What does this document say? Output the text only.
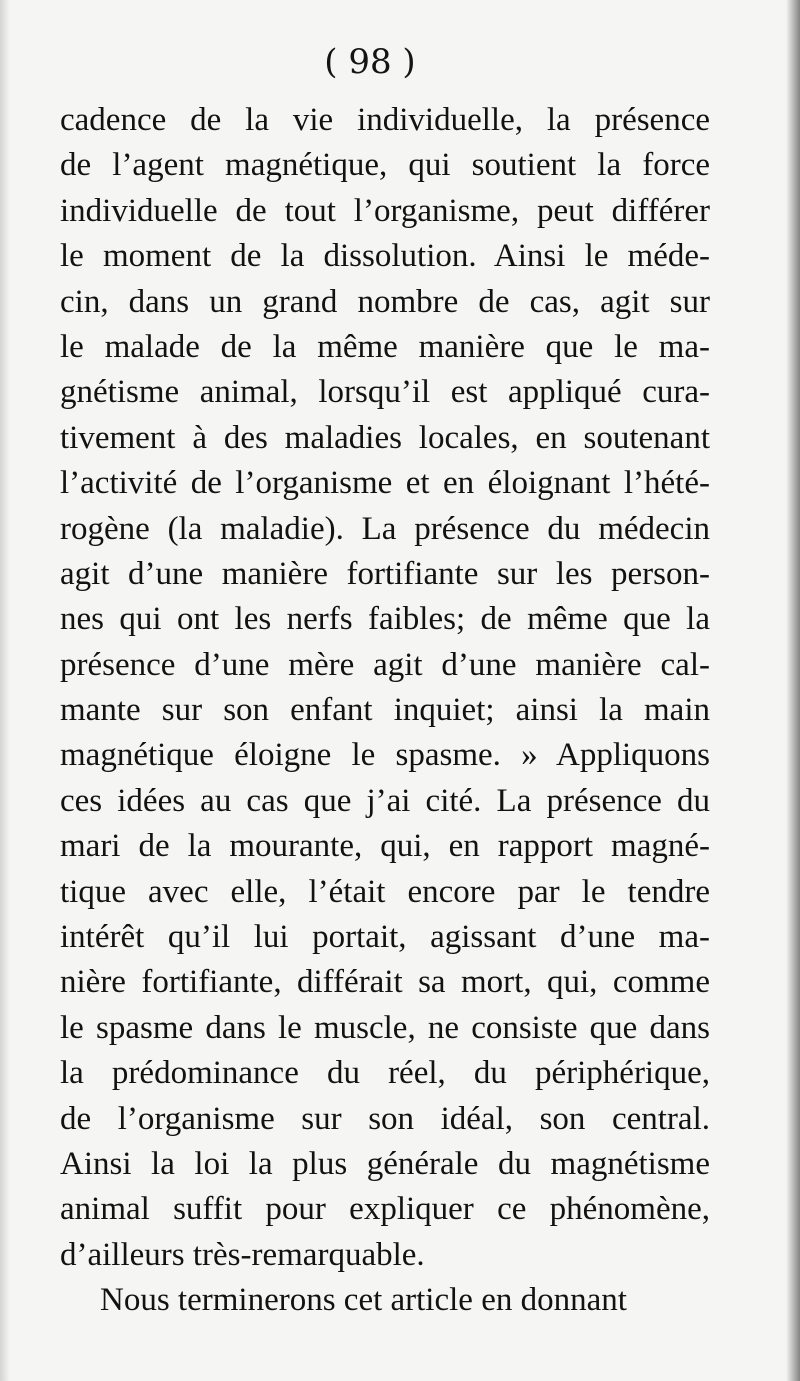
( 98 )
cadence de la vie individuelle, la présence
de l’agent magnétique, qui soutient la force
individuelle de tout l’organisme, peut différer
le moment de la dissolution. Ainsi le méde-
cin, dans un grand nombre de cas, agit sur
le malade de la même manière que le ma-
gnétisme animal, lorsqu’il est appliqué cura-
tivement à des maladies locales, en soutenant
l’activité de l’organisme et en éloignant l’hété-
rogène (la maladie). La présence du médecin
agit d’une manière fortifiante sur les person-
nes qui ont les nerfs faibles; de même que la
présence d’une mère agit d’une manière cal-
mante sur son enfant inquiet; ainsi la main
magnétique éloigne le spasme. » Appliquons
ces idées au cas que j’ai cité. La présence du
mari de la mourante, qui, en rapport magné-
tique avec elle, l’était encore par le tendre
intérêt qu’il lui portait, agissant d’une ma-
nière fortifiante, différait sa mort, qui, comme
le spasme dans le muscle, ne consiste que dans
la prédominance du réel, du périphérique,
de l’organisme sur son idéal, son central.
Ainsi la loi la plus générale du magnétisme
animal suffit pour expliquer ce phénomène,
d’ailleurs très-remarquable.
Nous terminerons cet article en donnant
